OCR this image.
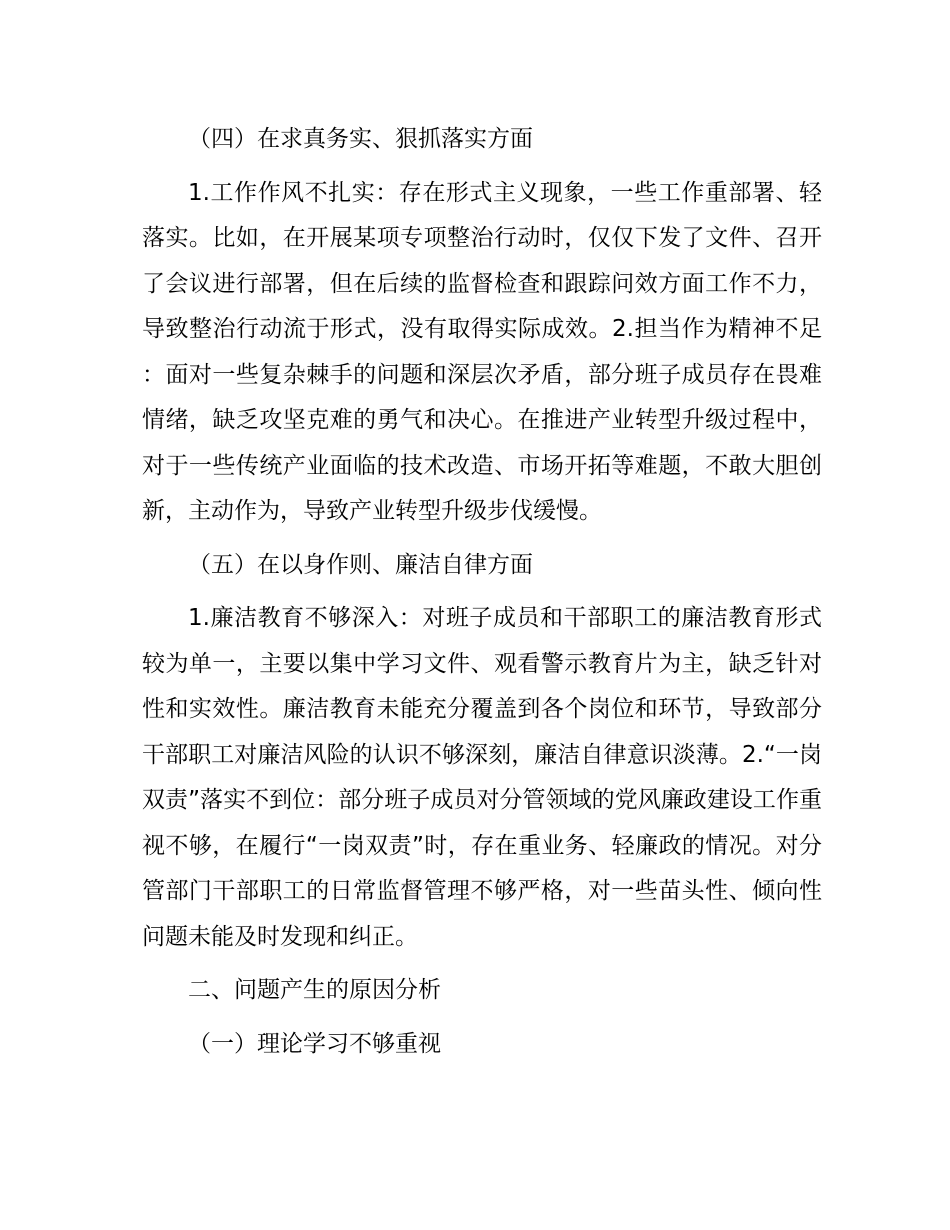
（四）在求真务实、狠抓落实方面

1.工作作风不扎实：存在形式主义现象，一些工作重部署、轻落实。比如，在开展某项专项整治行动时，仅仅下发了文件、召开了会议进行部署，但在后续的监督检查和跟踪问效方面工作不力，导致整治行动流于形式，没有取得实际成效。2.担当作为精神不足：面对一些复杂棘手的问题和深层次矛盾，部分班子成员存在畏难情绪，缺乏攻坚克难的勇气和决心。在推进产业转型升级过程中，对于一些传统产业面临的技术改造、市场开拓等难题，不敢大胆创新，主动作为，导致产业转型升级步伐缓慢。

（五）在以身作则、廉洁自律方面

1.廉洁教育不够深入：对班子成员和干部职工的廉洁教育形式较为单一，主要以集中学习文件、观看警示教育片为主，缺乏针对性和实效性。廉洁教育未能充分覆盖到各个岗位和环节，导致部分干部职工对廉洁风险的认识不够深刻，廉洁自律意识淡薄。2.“一岗双责”落实不到位：部分班子成员对分管领域的党风廉政建设工作重视不够，在履行“一岗双责”时，存在重业务、轻廉政的情况。对分管部门干部职工的日常监督管理不够严格，对一些苗头性、倾向性问题未能及时发现和纠正。

二、问题产生的原因分析

（一）理论学习不够重视
